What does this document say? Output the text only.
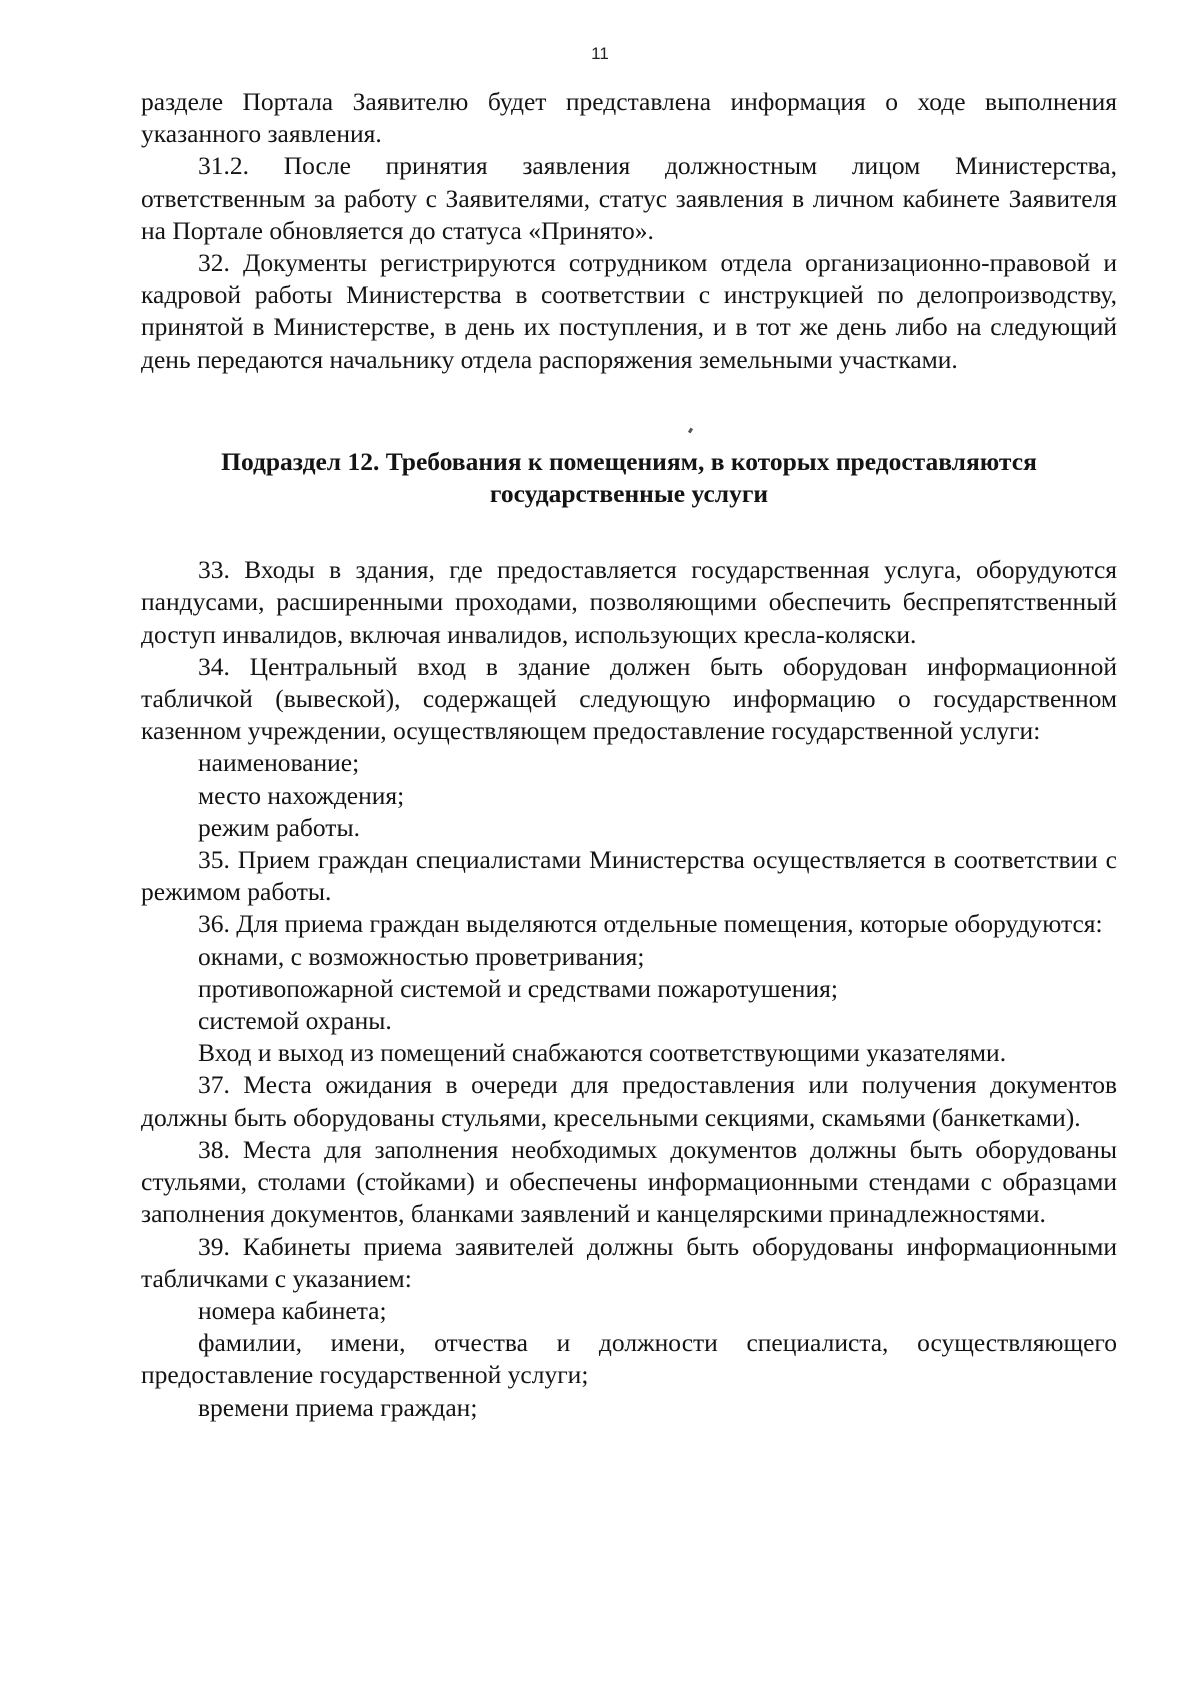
11

разделе Портала Заявителю будет представлена информация о ходе выполнения указанного заявления.

31.2. После принятия заявления должностным лицом Министерства, ответственным за работу с Заявителями, статус заявления в личном кабинете Заявителя на Портале обновляется до статуса «Принято».

32. Документы регистрируются сотрудником отдела организационно-правовой и кадровой работы Министерства в соответствии с инструкцией по делопроизводству, принятой в Министерстве, в день их поступления, и в тот же день либо на следующий день передаются начальнику отдела распоряжения земельными участками.

Подраздел 12. Требования к помещениям, в которых предоставляются
государственные услуги

33. Входы в здания, где предоставляется государственная услуга, оборудуются пандусами, расширенными проходами, позволяющими обеспечить беспрепятственный доступ инвалидов, включая инвалидов, использующих кресла-коляски.

34. Центральный вход в здание должен быть оборудован информационной табличкой (вывеской), содержащей следующую информацию о государственном казенном учреждении, осуществляющем предоставление государственной услуги:

наименование;

место нахождения;

режим работы.

35. Прием граждан специалистами Министерства осуществляется в соответствии с режимом работы.

36. Для приема граждан выделяются отдельные помещения, которые оборудуются:

окнами, с возможностью проветривания;

противопожарной системой и средствами пожаротушения;

системой охраны.

Вход и выход из помещений снабжаются соответствующими указателями.

37. Места ожидания в очереди для предоставления или получения документов должны быть оборудованы стульями, кресельными секциями, скамьями (банкетками).

38. Места для заполнения необходимых документов должны быть оборудованы стульями, столами (стойками) и обеспечены информационными стендами с образцами заполнения документов, бланками заявлений и канцелярскими принадлежностями.

39. Кабинеты приема заявителей должны быть оборудованы информационными табличками с указанием:

номера кабинета;

фамилии, имени, отчества и должности специалиста, осуществляющего предоставление государственной услуги;

времени приема граждан;
